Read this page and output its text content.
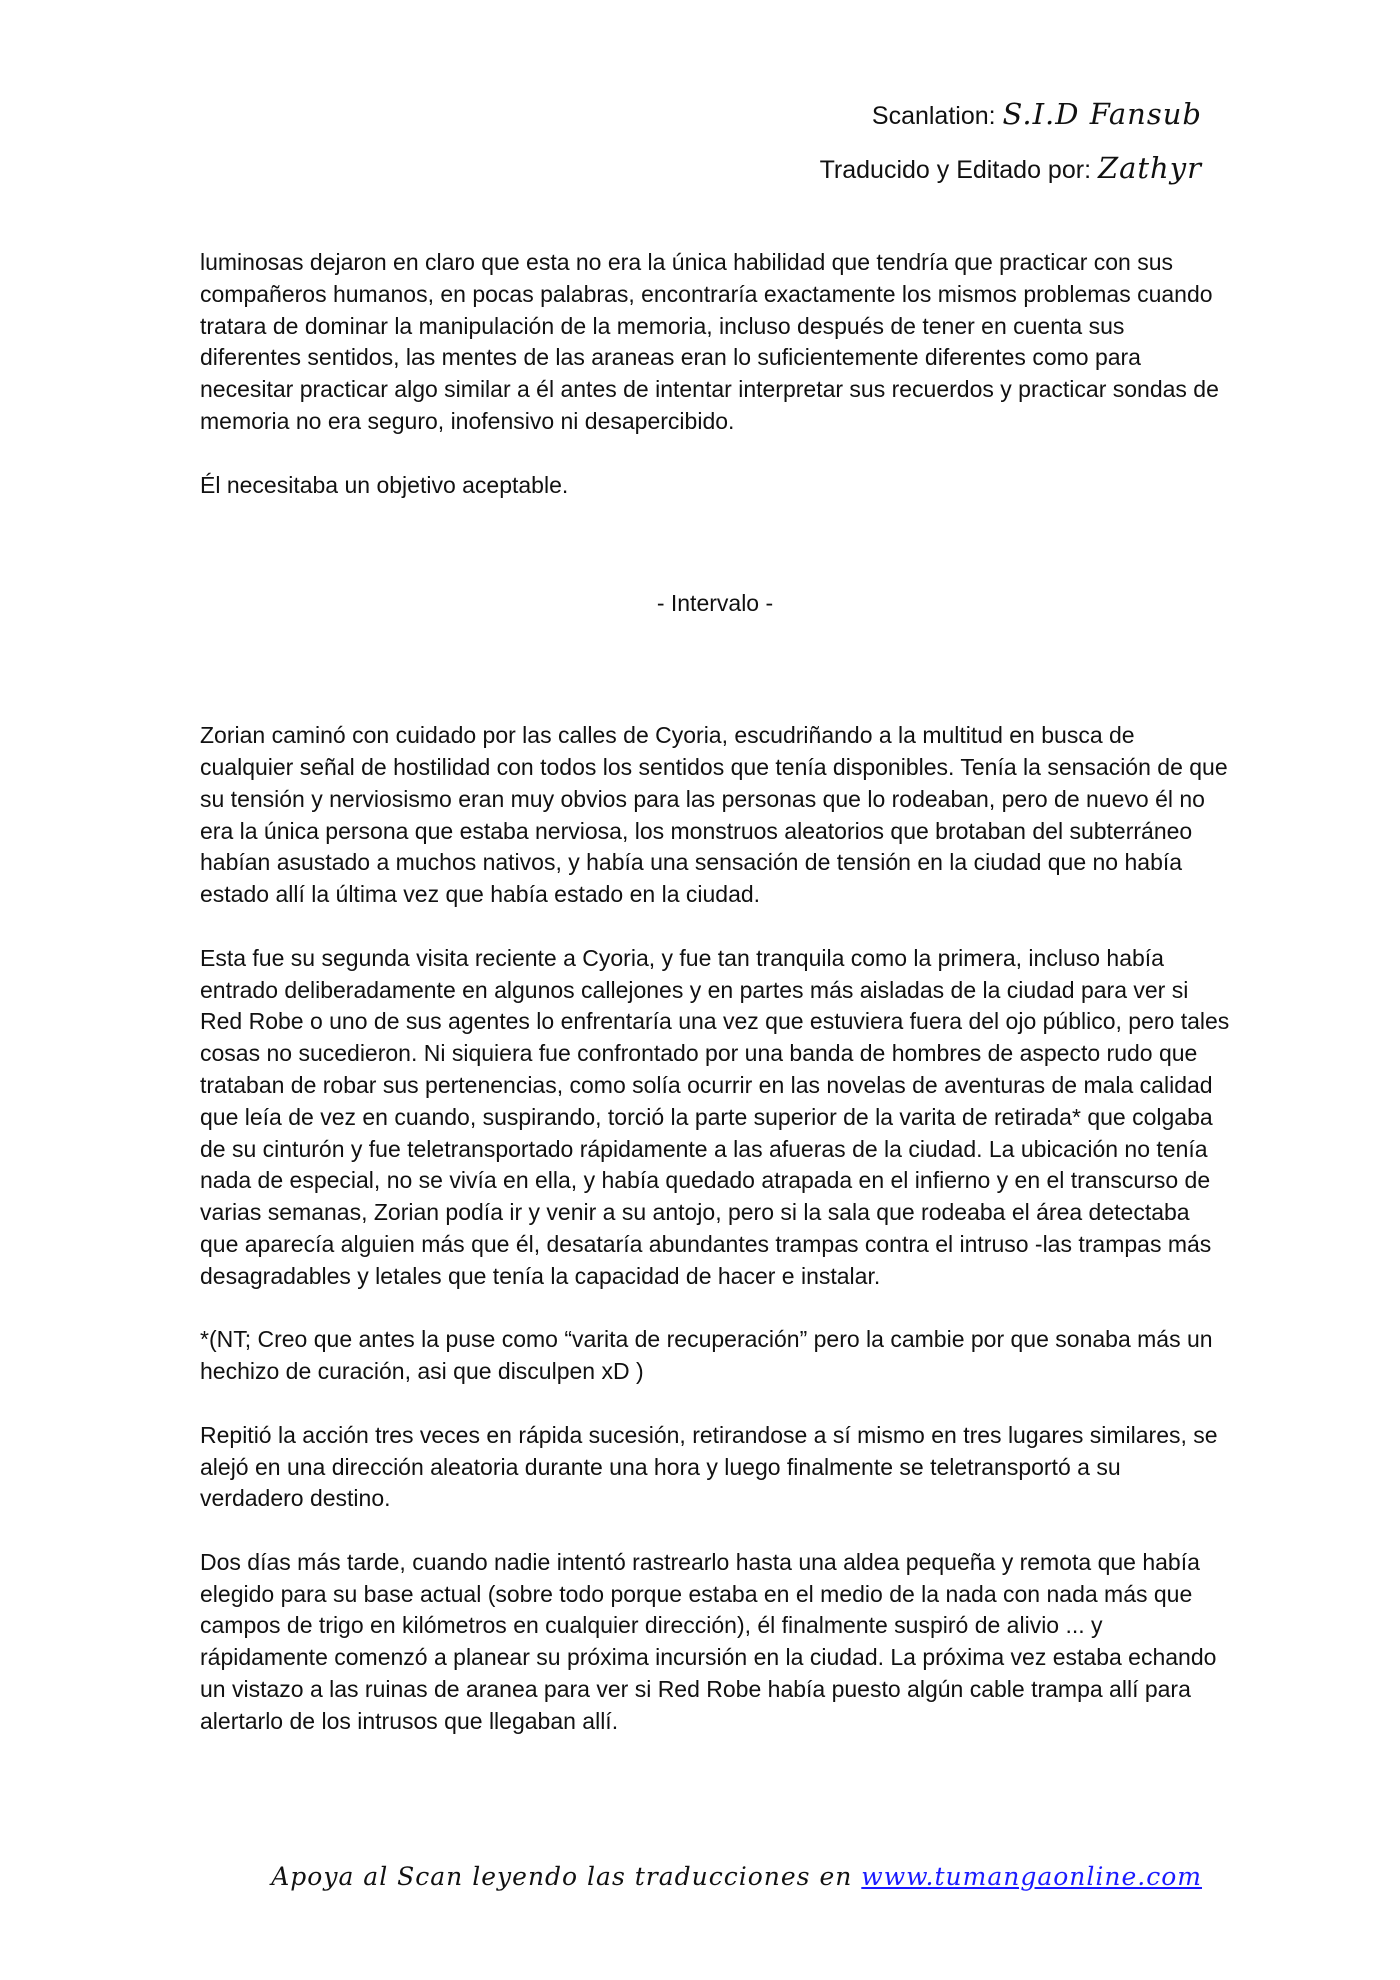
Scanlation: S.I.D Fansub
Traducido y Editado por: Zathyr

luminosas dejaron en claro que esta no era la única habilidad que tendría que practicar con sus compañeros humanos, en pocas palabras, encontraría exactamente los mismos problemas cuando tratara de dominar la manipulación de la memoria, incluso después de tener en cuenta sus diferentes sentidos, las mentes de las araneas eran lo suficientemente diferentes como para necesitar practicar algo similar a él antes de intentar interpretar sus recuerdos y practicar sondas de memoria no era seguro, inofensivo ni desapercibido.

Él necesitaba un objetivo aceptable.

- Intervalo -

Zorian caminó con cuidado por las calles de Cyoria, escudriñando a la multitud en busca de cualquier señal de hostilidad con todos los sentidos que tenía disponibles. Tenía la sensación de que su tensión y nerviosismo eran muy obvios para las personas que lo rodeaban, pero de nuevo él no era la única persona que estaba nerviosa, los monstruos aleatorios que brotaban del subterráneo habían asustado a muchos nativos, y había una sensación de tensión en la ciudad que no había estado allí la última vez que había estado en la ciudad.

Esta fue su segunda visita reciente a Cyoria, y fue tan tranquila como la primera, incluso había entrado deliberadamente en algunos callejones y en partes más aisladas de la ciudad para ver si Red Robe o uno de sus agentes lo enfrentaría una vez que estuviera fuera del ojo público, pero tales cosas no sucedieron. Ni siquiera fue confrontado por una banda de hombres de aspecto rudo que trataban de robar sus pertenencias, como solía ocurrir en las novelas de aventuras de mala calidad que leía de vez en cuando, suspirando, torció la parte superior de la varita de retirada* que colgaba de su cinturón y fue teletransportado rápidamente a las afueras de la ciudad. La ubicación no tenía nada de especial, no se vivía en ella, y había quedado atrapada en el infierno y en el transcurso de varias semanas, Zorian podía ir y venir a su antojo, pero si la sala que rodeaba el área detectaba que aparecía alguien más que él, desataría abundantes trampas contra el intruso -las trampas más desagradables y letales que tenía la capacidad de hacer e instalar.

*(NT; Creo que antes la puse como “varita de recuperación” pero la cambie por que sonaba más un hechizo de curación, asi que disculpen xD )

Repitió la acción tres veces en rápida sucesión, retirandose a sí mismo en tres lugares similares, se alejó en una dirección aleatoria durante una hora y luego finalmente se teletransportó a su verdadero destino.

Dos días más tarde, cuando nadie intentó rastrearlo hasta una aldea pequeña y remota que había elegido para su base actual (sobre todo porque estaba en el medio de la nada con nada más que campos de trigo en kilómetros en cualquier dirección), él finalmente suspiró de alivio ... y rápidamente comenzó a planear su próxima incursión en la ciudad. La próxima vez estaba echando un vistazo a las ruinas de aranea para ver si Red Robe había puesto algún cable trampa allí para alertarlo de los intrusos que llegaban allí.

Apoya al Scan leyendo las traducciones en www.tumangaonline.com
